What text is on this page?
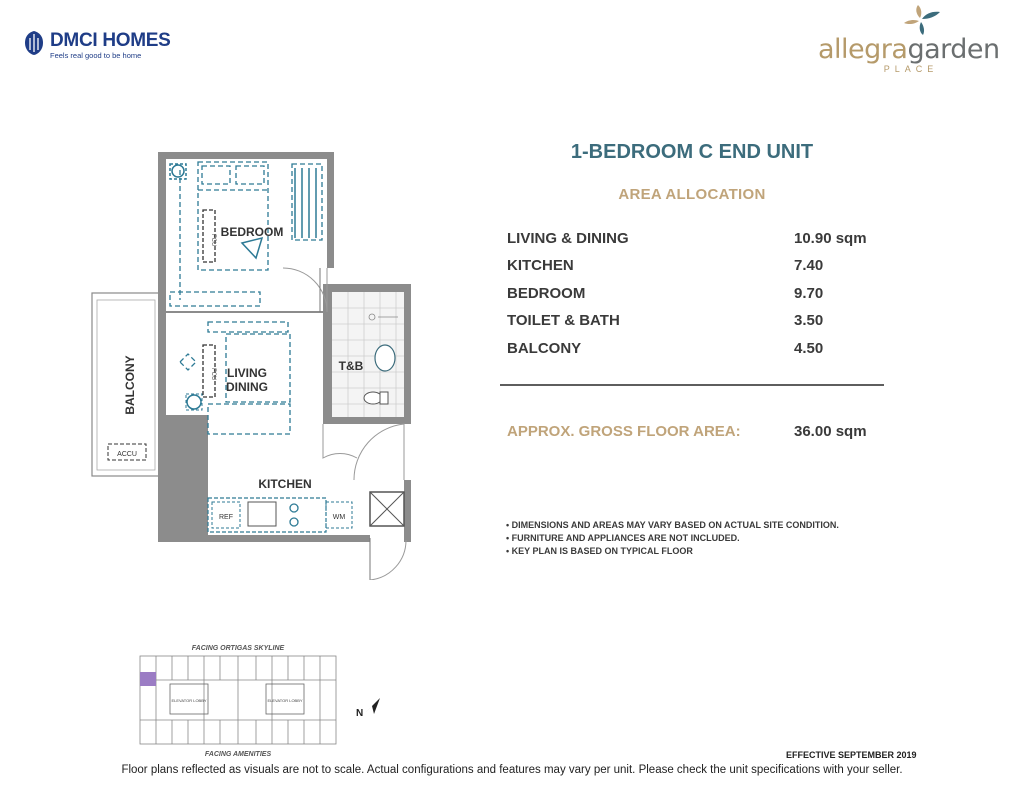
DMCI HOMES
Feels real good to be home	allegragarden
PLACE
FCU
FCU
BEDROOM
LIVING
DINING
T&B
KITCHEN
BALCONY
ACCU
REF	WM
1-BEDROOM C END UNIT
AREA ALLOCATION
LIVING & DINING	10.90 sqm
KITCHEN	7.40
BEDROOM	9.70
TOILET & BATH	3.50
BALCONY	4.50
APPROX. GROSS FLOOR AREA:	36.00 sqm
• DIMENSIONS AND AREAS MAY VARY BASED ON ACTUAL SITE CONDITION.
• FURNITURE AND APPLIANCES ARE NOT INCLUDED.
• KEY PLAN IS BASED ON TYPICAL FLOOR
FACING ORTIGAS SKYLINE
ELEVATOR LOBBY	ELEVATOR LOBBY
FACING AMENITIES
N
EFFECTIVE SEPTEMBER 2019
Floor plans reflected as visuals are not to scale. Actual configurations and features may vary per unit. Please check the unit specifications with your seller.
